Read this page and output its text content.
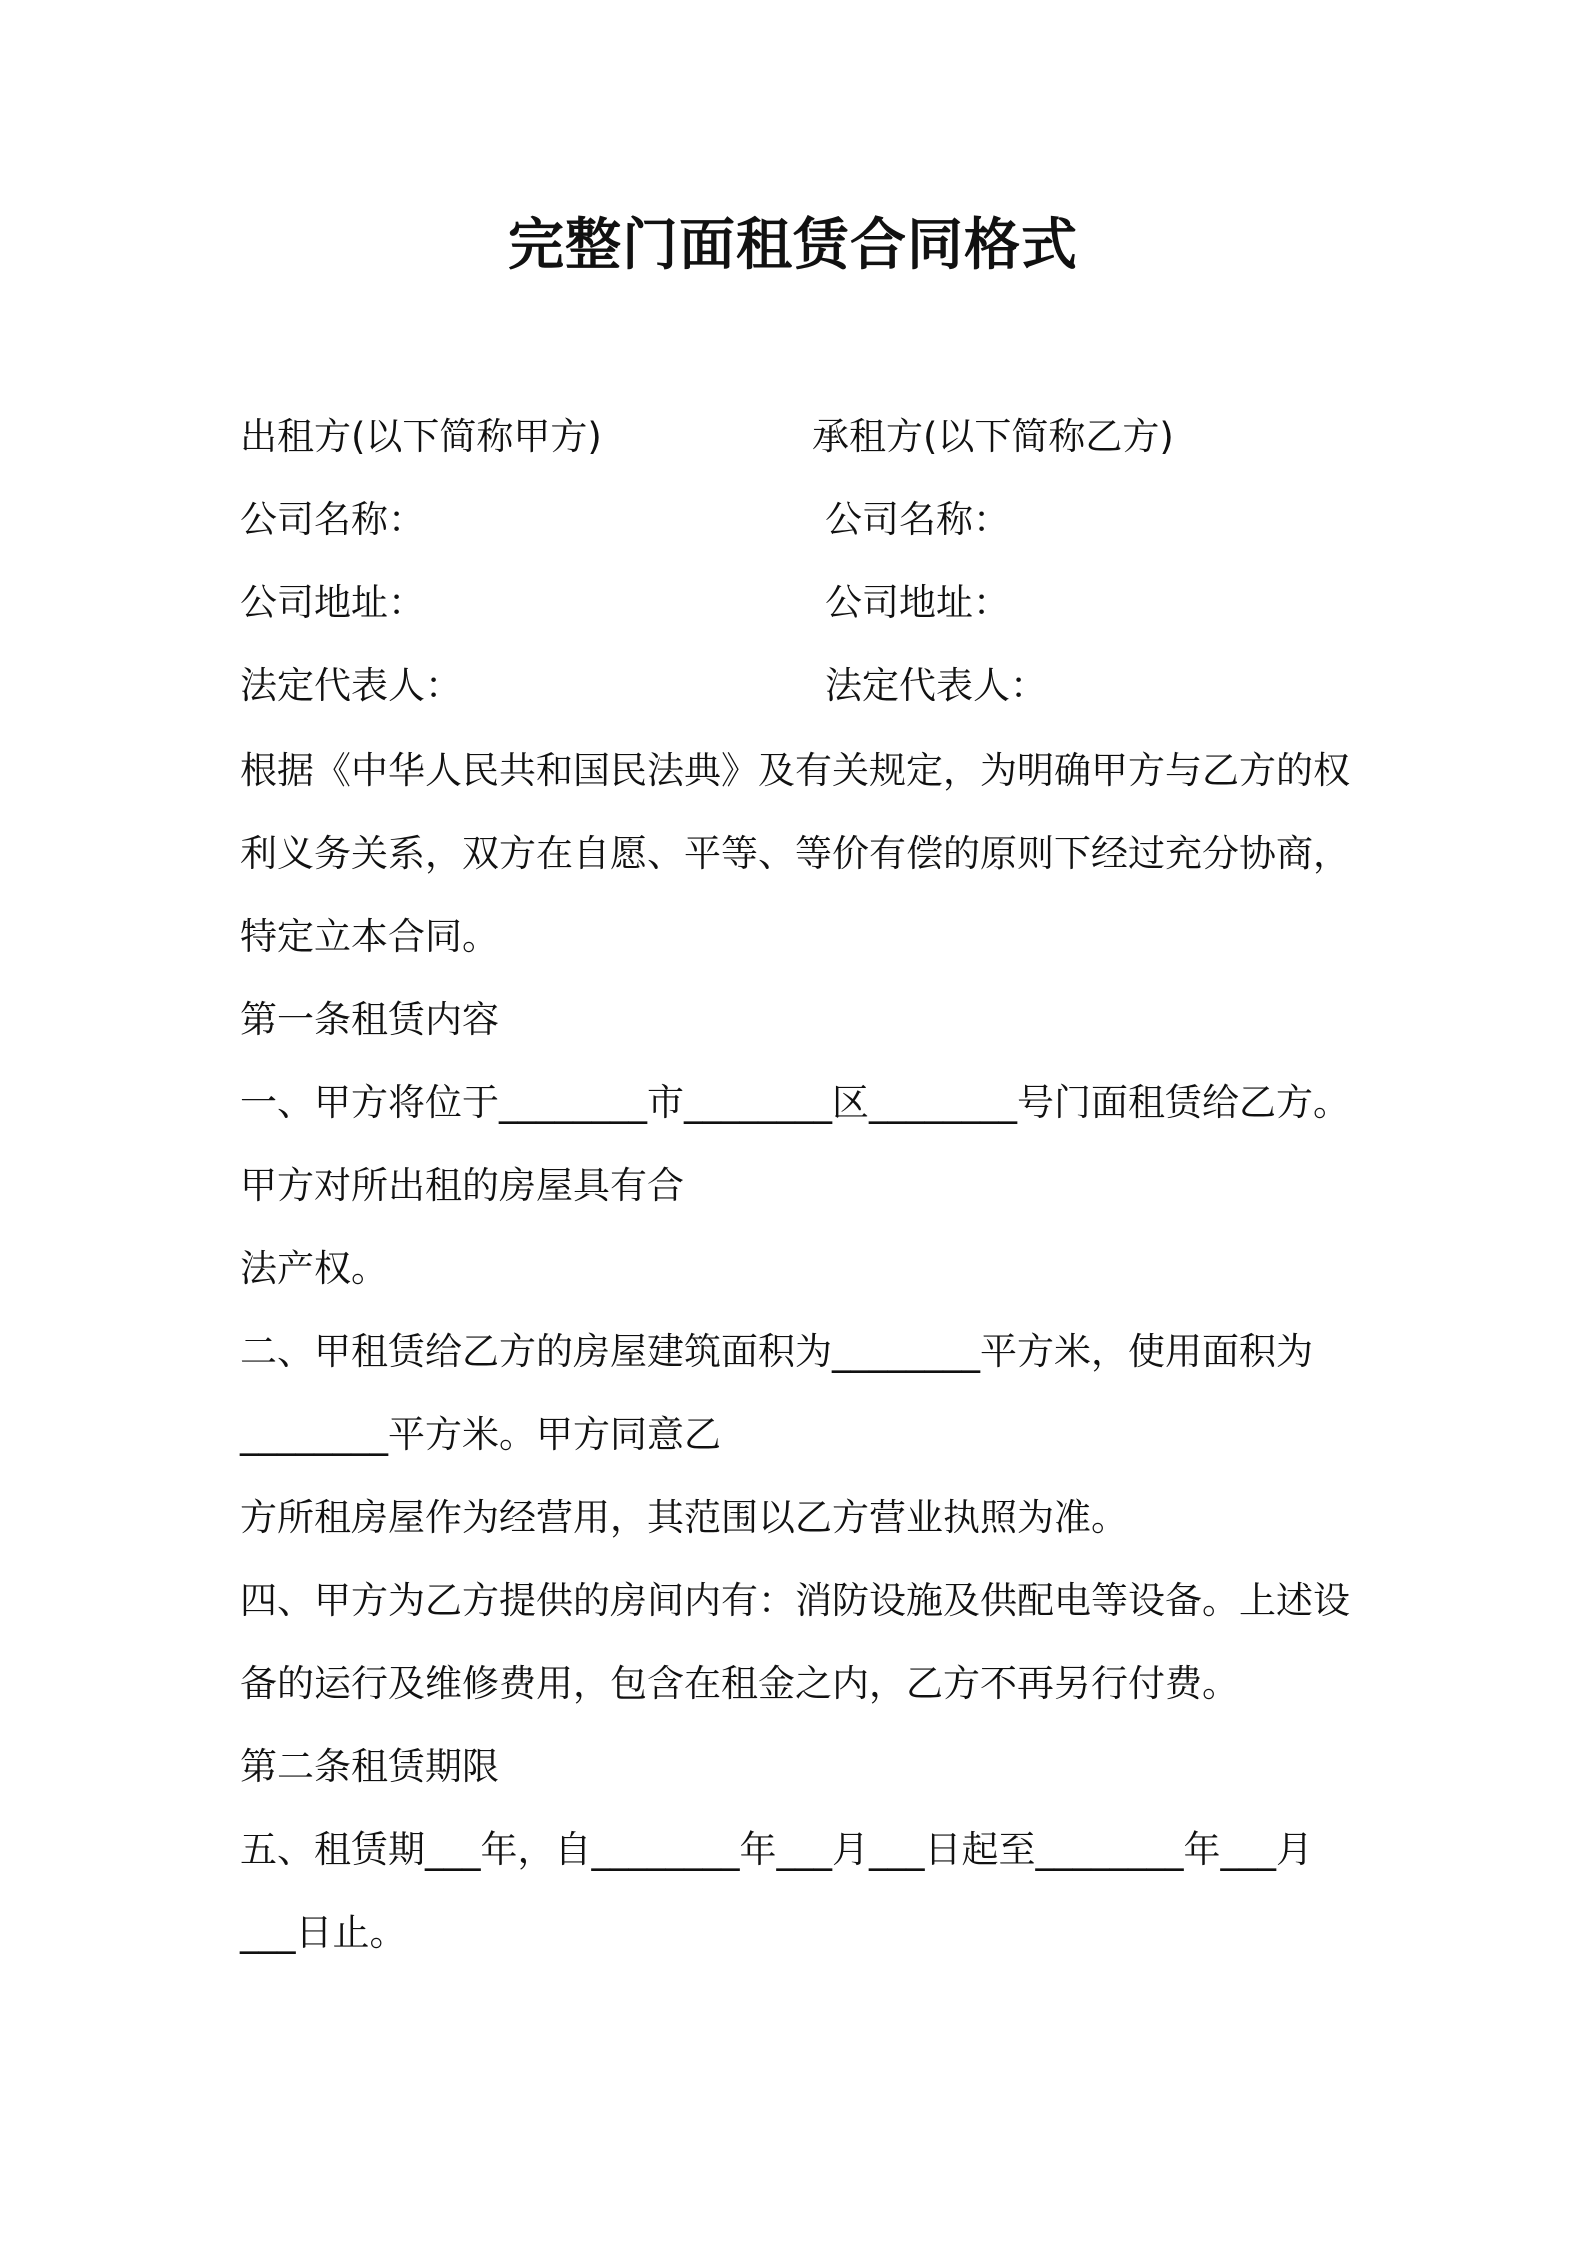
完整门面租赁合同格式
出租方(以下简称甲方)	承租方(以下简称乙方)
公司名称：	公司名称：
公司地址：	公司地址：
法定代表人：	法定代表人：
根据《中华人民共和国民法典》及有关规定，为明确甲方与乙方的权
利义务关系，双方在自愿、平等、等价有偿的原则下经过充分协商，
特定立本合同。
第一条租赁内容
一、甲方将位于________市________区________号门面租赁给乙方。
甲方对所出租的房屋具有合
法产权。
二、甲租赁给乙方的房屋建筑面积为________平方米，使用面积为
________平方米。甲方同意乙
方所租房屋作为经营用，其范围以乙方营业执照为准。
四、甲方为乙方提供的房间内有：消防设施及供配电等设备。上述设
备的运行及维修费用，包含在租金之内，乙方不再另行付费。
第二条租赁期限
五、租赁期___年，自________年___月___日起至________年___月
___日止。
